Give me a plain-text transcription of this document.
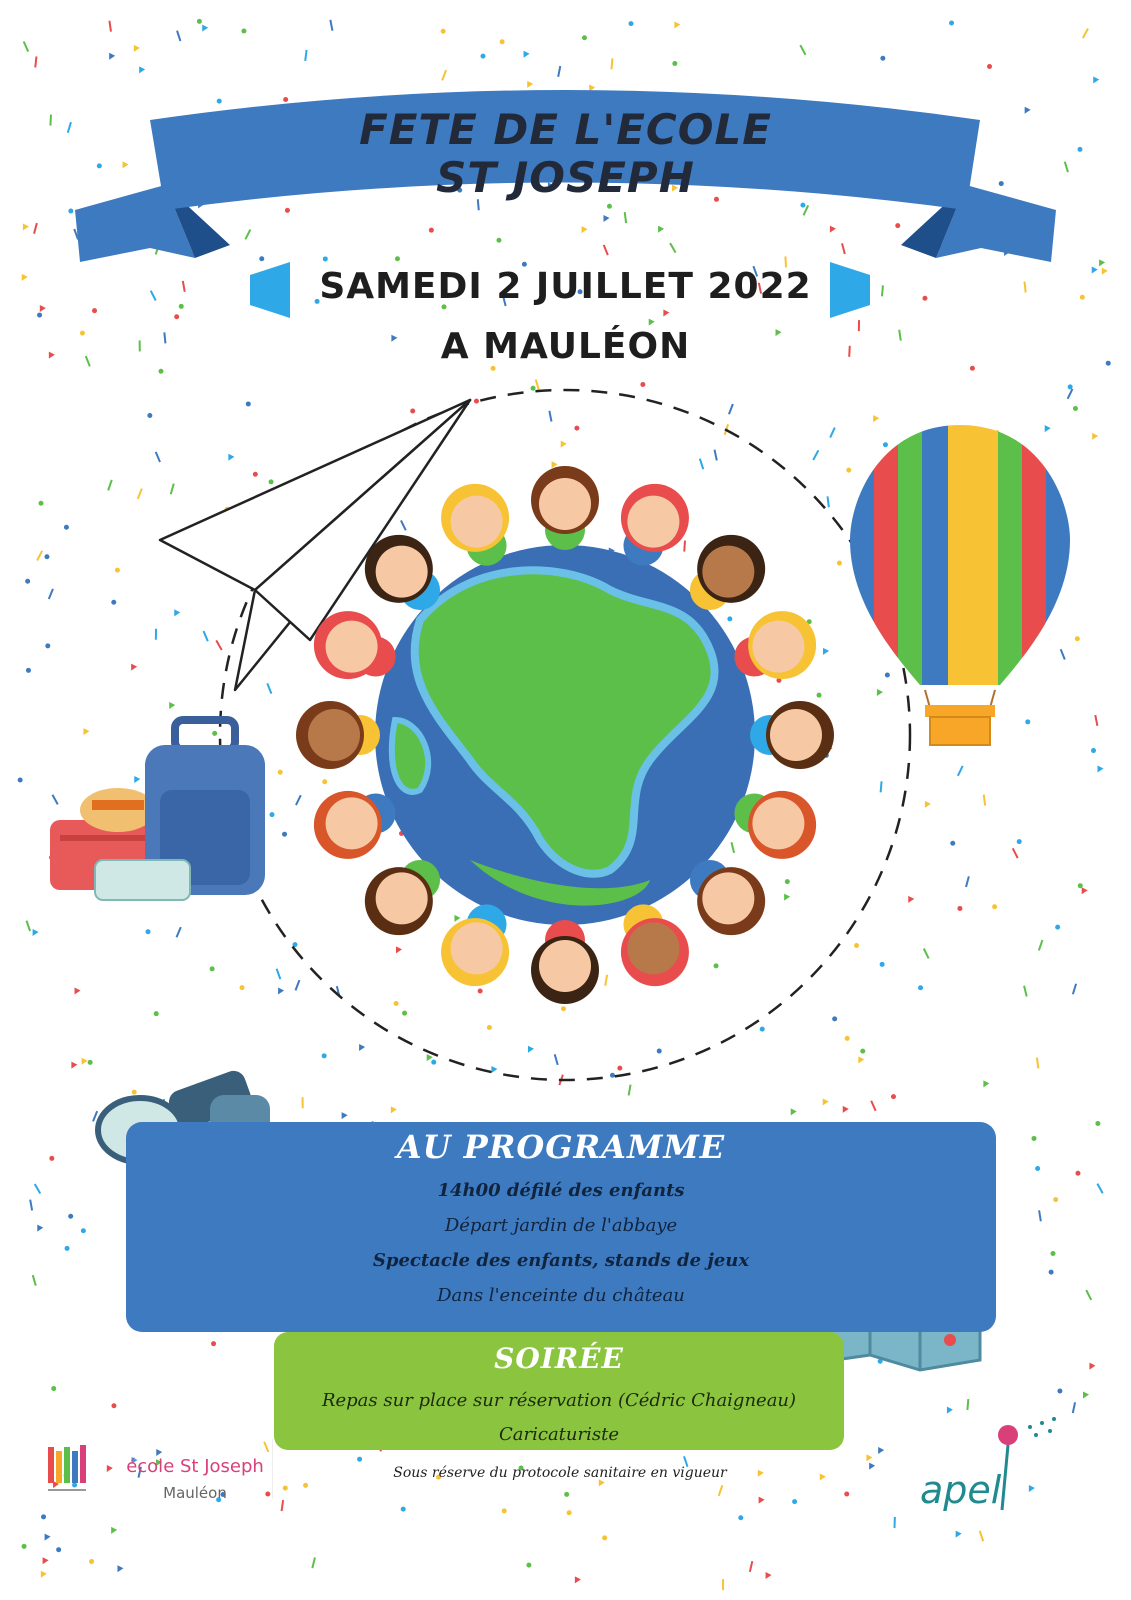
FETE DE L'ECOLE
ST JOSEPH
SAMEDI 2 JUILLET 2022
A MAULÉON
AU PROGRAMME
14h00 défilé des enfants
Départ jardin de l'abbaye
Spectacle des enfants, stands de jeux
Dans l'enceinte du château
SOIRÉE
Repas sur place sur réservation (Cédric Chaigneau)
Caricaturiste
Sous réserve du protocole sanitaire en vigueur
école St Joseph
Mauléon	apel
